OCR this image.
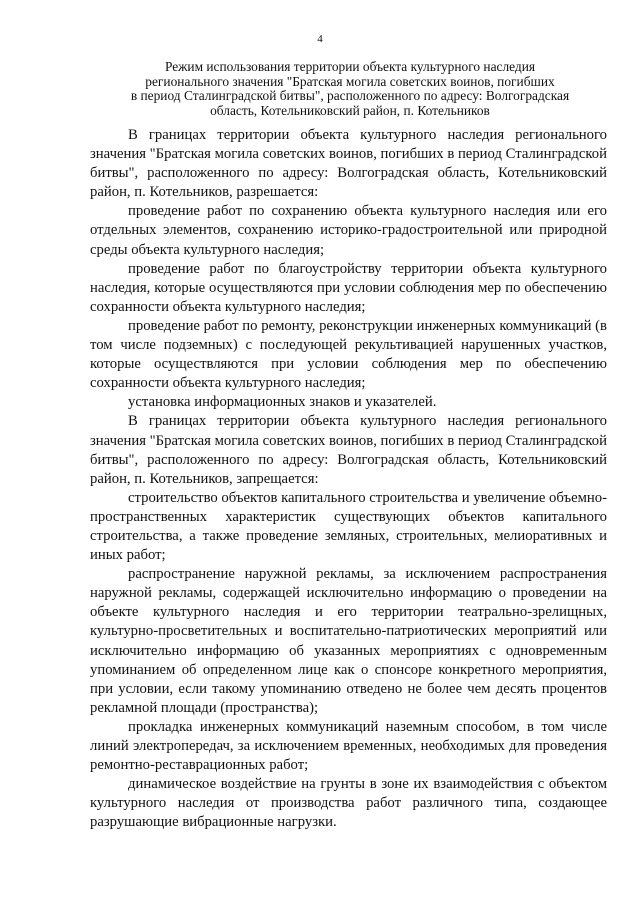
4
Режим использования территории объекта культурного наследия
регионального значения "Братская могила советских воинов, погибших
в период Сталинградской битвы", расположенного по адресу: Волгоградская
область, Котельниковский район, п. Котельников

В границах территории объекта культурного наследия регионального значения "Братская могила советских воинов, погибших в период Сталинградской битвы", расположенного по адресу: Волгоградская область, Котельниковский район, п. Котельников, разрешается:

проведение работ по сохранению объекта культурного наследия или его отдельных элементов, сохранению историко-градостроительной или природной среды объекта культурного наследия;

проведение работ по благоустройству территории объекта культурного наследия, которые осуществляются при условии соблюдения мер по обеспечению сохранности объекта культурного наследия;

проведение работ по ремонту, реконструкции инженерных коммуникаций (в том числе подземных) с последующей рекультивацией нарушенных участков, которые осуществляются при условии соблюдения мер по обеспечению сохранности объекта культурного наследия;

установка информационных знаков и указателей.

В границах территории объекта культурного наследия регионального значения "Братская могила советских воинов, погибших в период Сталинградской битвы", расположенного по адресу: Волгоградская область, Котельниковский район, п. Котельников, запрещается:

строительство объектов капитального строительства и увеличение объемно-пространственных характеристик существующих объектов капитального строительства, а также проведение земляных, строительных, мелиоративных и иных работ;

распространение наружной рекламы, за исключением распространения наружной рекламы, содержащей исключительно информацию о проведении на объекте культурного наследия и его территории театрально-зрелищных, культурно-просветительных и воспитательно-патриотических мероприятий или исключительно информацию об указанных мероприятиях с одновременным упоминанием об определенном лице как о спонсоре конкретного мероприятия, при условии, если такому упоминанию отведено не более чем десять процентов рекламной площади (пространства);

прокладка инженерных коммуникаций наземным способом, в том числе линий электропередач, за исключением временных, необходимых для проведения ремонтно-реставрационных работ;

динамическое воздействие на грунты в зоне их взаимодействия с объектом культурного наследия от производства работ различного типа, создающее разрушающие вибрационные нагрузки.
